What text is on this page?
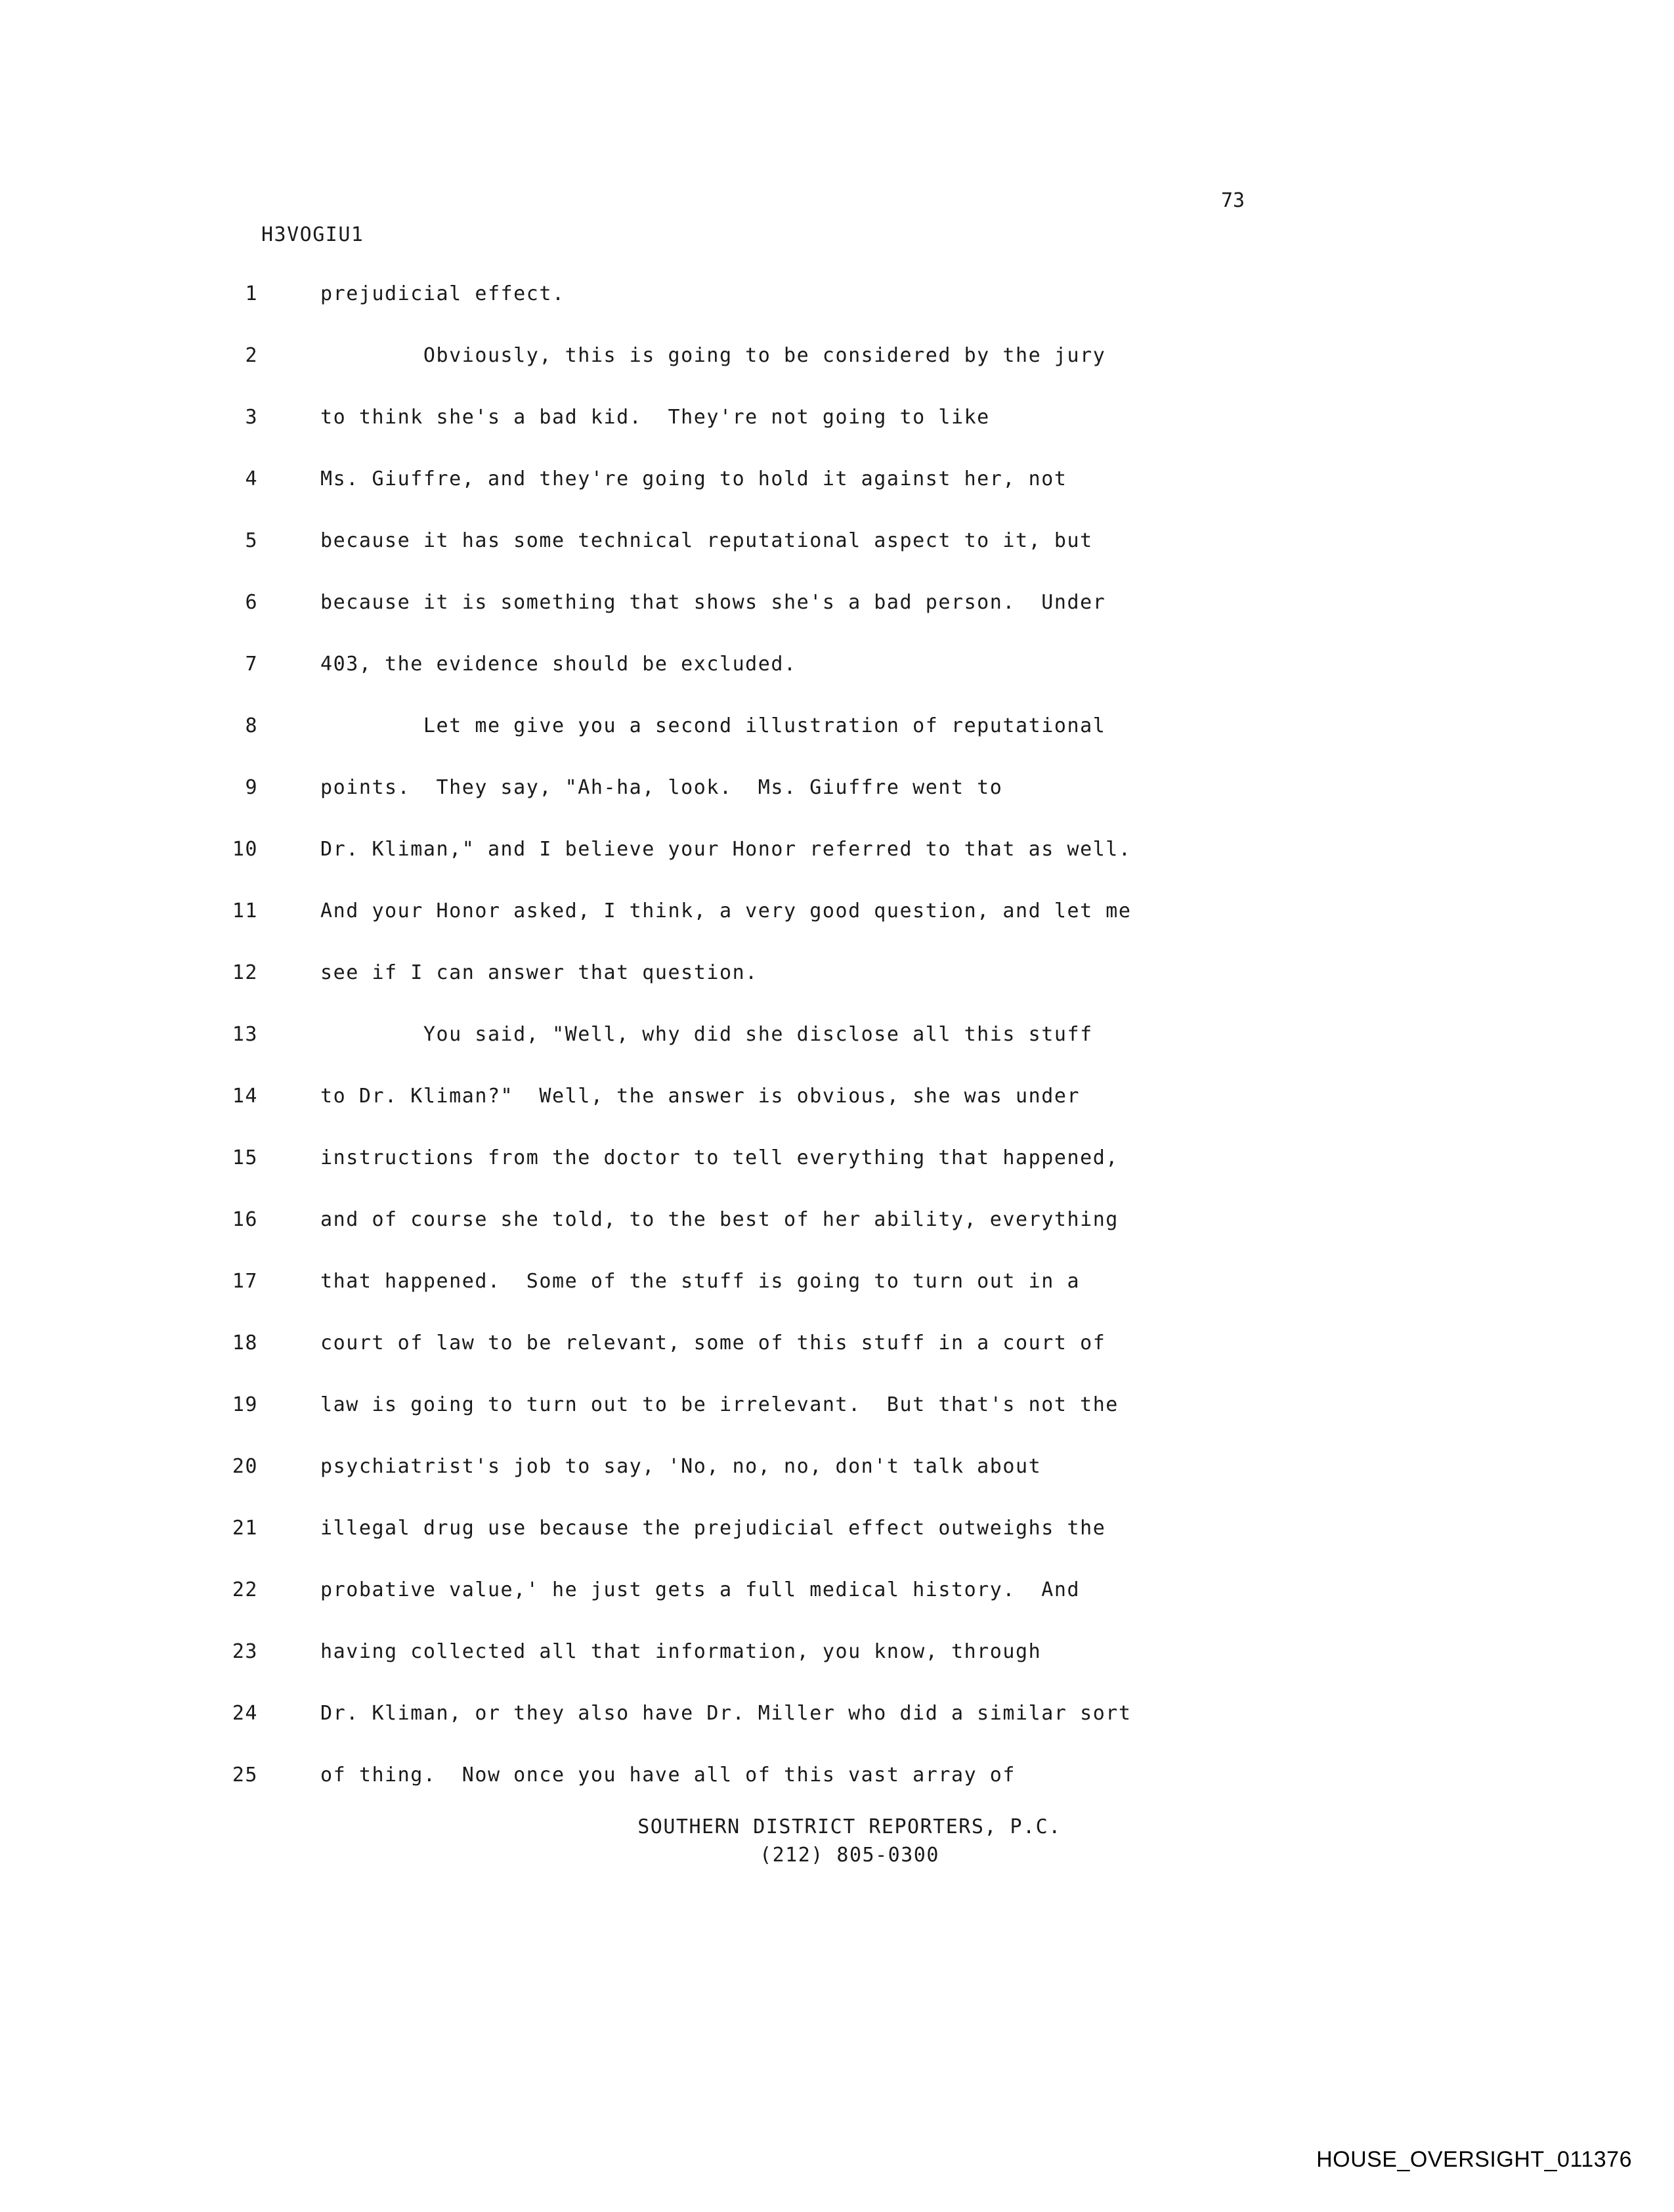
73
H3VOGIU1
1	prejudicial effect.
2	Obviously, this is going to be considered by the jury
3	to think she's a bad kid.  They're not going to like
4	Ms. Giuffre, and they're going to hold it against her, not
5	because it has some technical reputational aspect to it, but
6	because it is something that shows she's a bad person.  Under
7	403, the evidence should be excluded.
8	Let me give you a second illustration of reputational
9	points.  They say, "Ah-ha, look.  Ms. Giuffre went to
10	Dr. Kliman," and I believe your Honor referred to that as well.
11	And your Honor asked, I think, a very good question, and let me
12	see if I can answer that question.
13	You said, "Well, why did she disclose all this stuff
14	to Dr. Kliman?"  Well, the answer is obvious, she was under
15	instructions from the doctor to tell everything that happened,
16	and of course she told, to the best of her ability, everything
17	that happened.  Some of the stuff is going to turn out in a
18	court of law to be relevant, some of this stuff in a court of
19	law is going to turn out to be irrelevant.  But that's not the
20	psychiatrist's job to say, 'No, no, no, don't talk about
21	illegal drug use because the prejudicial effect outweighs the
22	probative value,' he just gets a full medical history.  And
23	having collected all that information, you know, through
24	Dr. Kliman, or they also have Dr. Miller who did a similar sort
25	of thing.  Now once you have all of this vast array of
SOUTHERN DISTRICT REPORTERS, P.C.
(212) 805-0300
HOUSE_OVERSIGHT_011376
